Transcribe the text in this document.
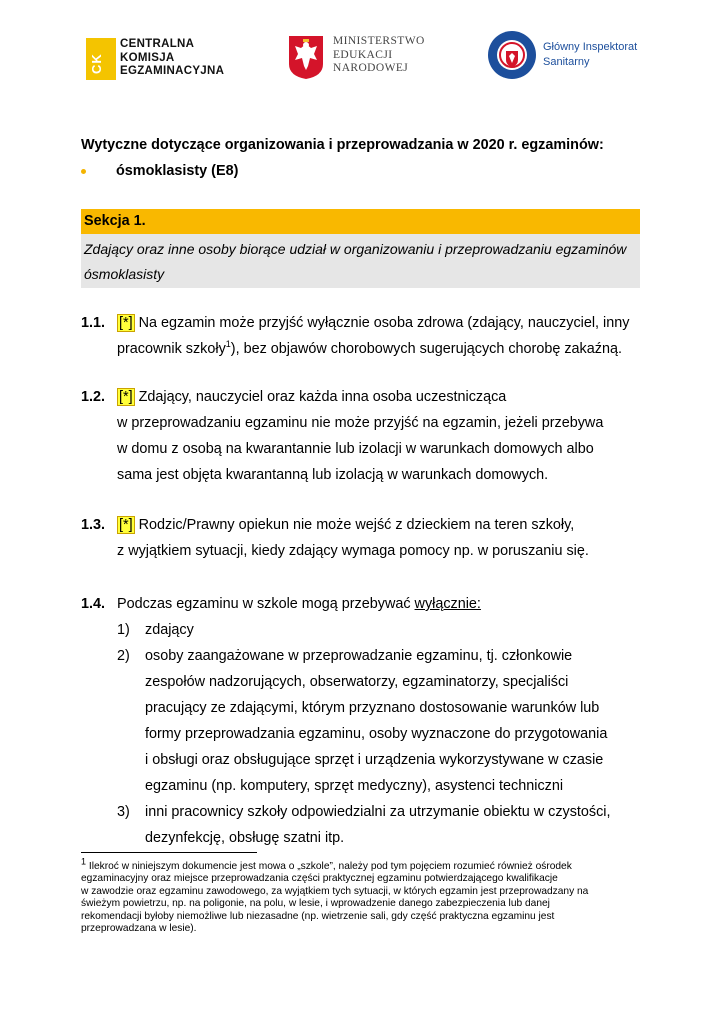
CK
CENTRALNA
KOMISJA
EGZAMINACYJNA
MINISTERSTWO
EDUKACJI
NARODOWEJ
Główny Inspektorat
Sanitarny
Wytyczne dotyczące organizowania i przeprowadzania w 2020 r. egzaminów:
ósmoklasisty (E8)
Sekcja 1.
Zdający oraz inne osoby biorące udział w organizowaniu i przeprowadzaniu egzaminów ósmoklasisty
1.1. [*] Na egzamin może przyjść wyłącznie osoba zdrowa (zdający, nauczyciel, inny
pracownik szkoły$^1$), bez objawów chorobowych sugerujących chorobę zakaźną.
1.2. [*] Zdający, nauczyciel oraz każda inna osoba uczestnicząca
w przeprowadzaniu egzaminu nie może przyjść na egzamin, jeżeli przebywa
w domu z osobą na kwarantannie lub izolacji w warunkach domowych albo
sama jest objęta kwarantanną lub izolacją w warunkach domowych.
1.3. [*] Rodzic/Prawny opiekun nie może wejść z dzieckiem na teren szkoły,
z wyjątkiem sytuacji, kiedy zdający wymaga pomocy np. w poruszaniu się.
1.4. Podczas egzaminu w szkole mogą przebywać wyłącznie:
1) zdający
2) osoby zaangażowane w przeprowadzanie egzaminu, tj. członkowie
zespołów nadzorujących, obserwatorzy, egzaminatorzy, specjaliści
pracujący ze zdającymi, którym przyznano dostosowanie warunków lub
formy przeprowadzania egzaminu, osoby wyznaczone do przygotowania
i obsługi oraz obsługujące sprzęt i urządzenia wykorzystywane w czasie
egzaminu (np. komputery, sprzęt medyczny), asystenci techniczni
3) inni pracownicy szkoły odpowiedzialni za utrzymanie obiektu w czystości,
dezynfekcję, obsługę szatni itp.
$^1$ Ilekroć w niniejszym dokumencie jest mowa o „szkole”, należy pod tym pojęciem rozumieć również ośrodek
egzaminacyjny oraz miejsce przeprowadzania części praktycznej egzaminu potwierdzającego kwalifikacje
w zawodzie oraz egzaminu zawodowego, za wyjątkiem tych sytuacji, w których egzamin jest przeprowadzany na
świeżym powietrzu, np. na poligonie, na polu, w lesie, i wprowadzenie danego zabezpieczenia lub danej
rekomendacji byłoby niemożliwe lub niezasadne (np. wietrzenie sali, gdy część praktyczna egzaminu jest
przeprowadzana w lesie).
